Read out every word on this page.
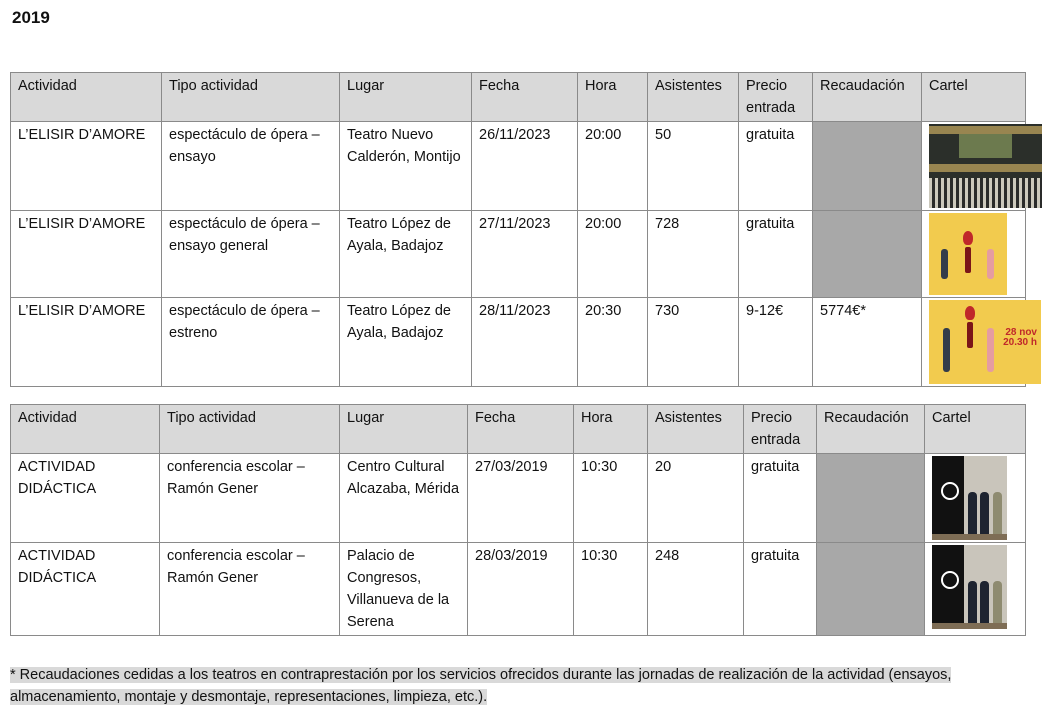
2019
Actividad	Tipo actividad	Lugar	Fecha	Hora	Asistentes	Precio entrada	Recaudación	Cartel
L’ELISIR D’AMORE	espectáculo de ópera – ensayo	Teatro Nuevo Calderón, Montijo	26/11/2023	20:00	50	gratuita		

L’ELISIR D’AMORE	espectáculo de ópera – ensayo general	Teatro López de Ayala, Badajoz	27/11/2023	20:00	728	gratuita		

L’ELISIR D’AMORE	espectáculo de ópera – estreno	Teatro López de Ayala, Badajoz	28/11/2023	20:30	730	9-12€	5774€*	28 nov
20.30 h
Actividad	Tipo actividad	Lugar	Fecha	Hora	Asistentes	Precio entrada	Recaudación	Cartel
ACTIVIDAD DIDÁCTICA	conferencia escolar – Ramón Gener	Centro Cultural Alcazaba, Mérida	27/03/2019	10:30	20	gratuita		

ACTIVIDAD DIDÁCTICA	conferencia escolar – Ramón Gener	Palacio de Congresos, Villanueva de la Serena	28/03/2019	10:30	248	gratuita		
* Recaudaciones cedidas a los teatros en contraprestación por los servicios ofrecidos durante las jornadas de realización de la actividad (ensayos, almacenamiento, montaje y desmontaje, representaciones, limpieza, etc.).
